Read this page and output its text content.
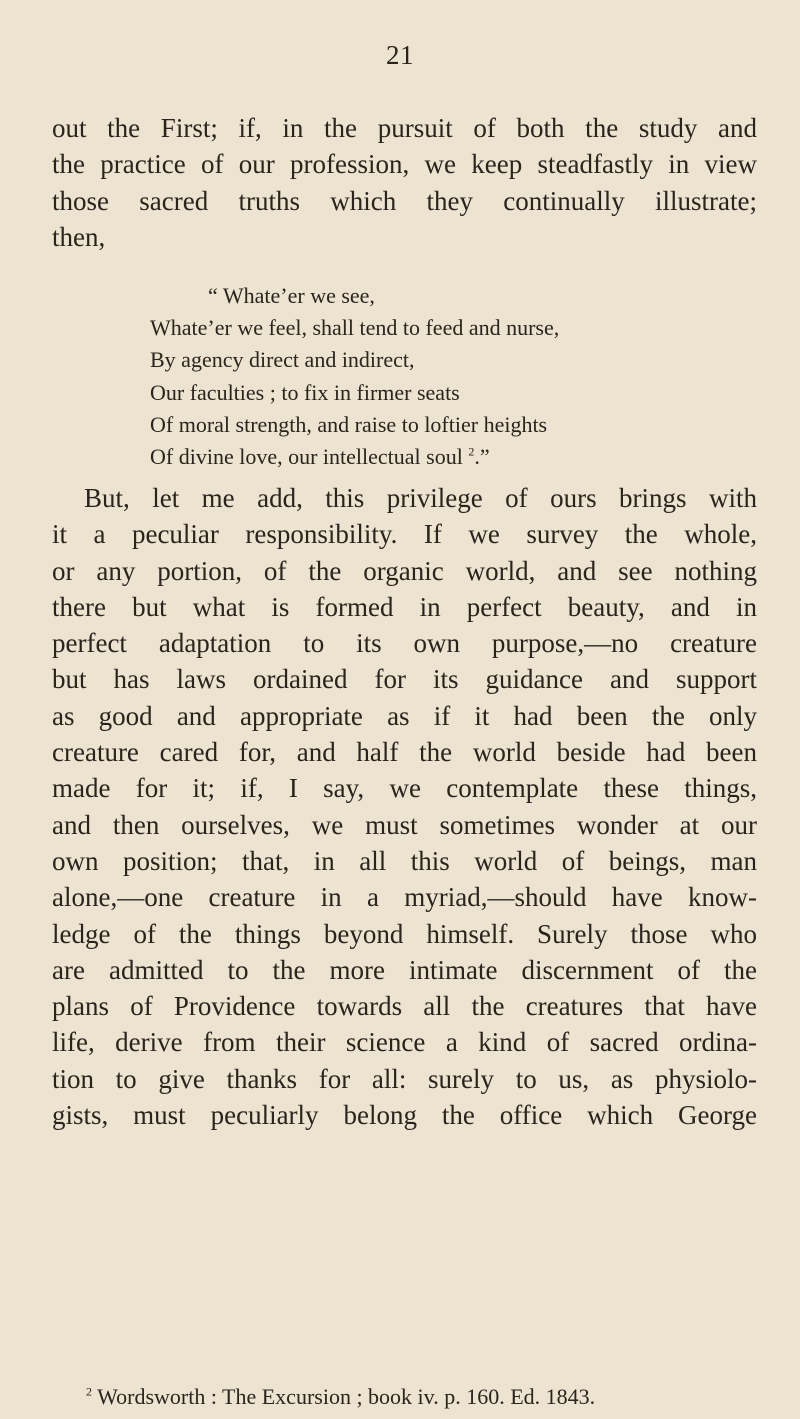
21
out the First; if, in the pursuit of both the study and
the practice of our profession, we keep steadfastly in view
those sacred truths which they continually illustrate;
then,
“ Whate’er we see,
Whate’er we feel, shall tend to feed and nurse,
By agency direct and indirect,
Our faculties ; to fix in firmer seats
Of moral strength, and raise to loftier heights
Of divine love, our intellectual soul $^2$.”
But, let me add, this privilege of ours brings with
it a peculiar responsibility. If we survey the whole,
or any portion, of the organic world, and see nothing
there but what is formed in perfect beauty, and in
perfect adaptation to its own purpose,—no creature
but has laws ordained for its guidance and support
as good and appropriate as if it had been the only
creature cared for, and half the world beside had been
made for it; if, I say, we contemplate these things,
and then ourselves, we must sometimes wonder at our
own position; that, in all this world of beings, man
alone,—one creature in a myriad,—should have know-
ledge of the things beyond himself. Surely those who
are admitted to the more intimate discernment of the
plans of Providence towards all the creatures that have
life, derive from their science a kind of sacred ordina-
tion to give thanks for all: surely to us, as physiolo-
gists, must peculiarly belong the office which George
$^2$ Wordsworth : The Excursion ; book iv. p. 160. Ed. 1843.
